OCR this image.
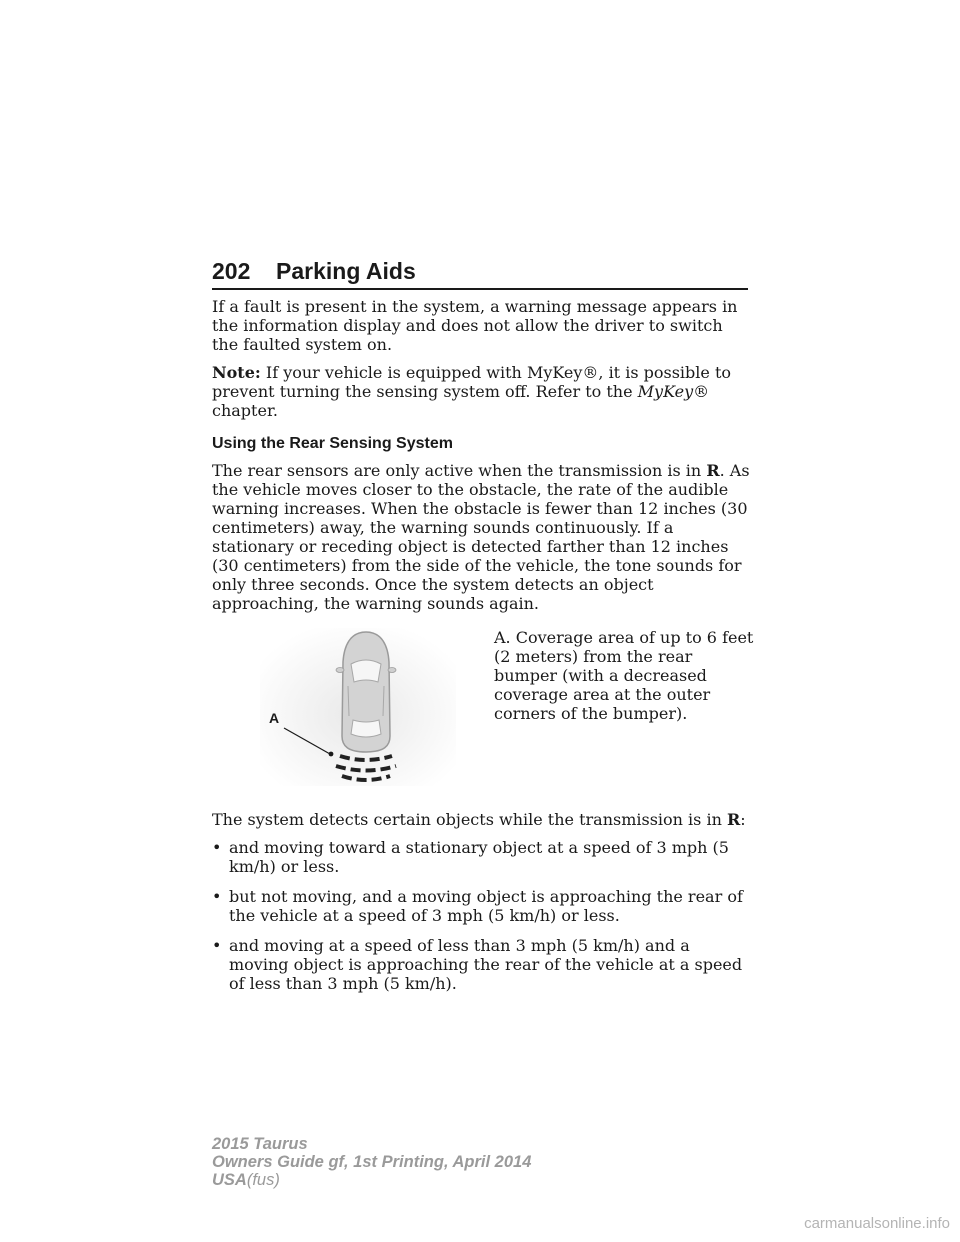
202 Parking Aids

If a fault is present in the system, a warning message appears in the information display and does not allow the driver to switch the faulted system on.

Note: If your vehicle is equipped with MyKey®, it is possible to prevent turning the sensing system off. Refer to the MyKey® chapter.

Using the Rear Sensing System

The rear sensors are only active when the transmission is in R. As the vehicle moves closer to the obstacle, the rate of the audible warning increases. When the obstacle is fewer than 12 inches (30 centimeters) away, the warning sounds continuously. If a stationary or receding object is detected farther than 12 inches (30 centimeters) from the side of the vehicle, the tone sounds for only three seconds. Once the system detects an object approaching, the warning sounds again.

A
A. Coverage area of up to 6 feet (2 meters) from the rear bumper (with a decreased coverage area at the outer corners of the bumper).

The system detects certain objects while the transmission is in R:

• and moving toward a stationary object at a speed of 3 mph (5 km/h) or less.
• but not moving, and a moving object is approaching the rear of the vehicle at a speed of 3 mph (5 km/h) or less.
• and moving at a speed of less than 3 mph (5 km/h) and a moving object is approaching the rear of the vehicle at a speed of less than 3 mph (5 km/h).
2015 Taurus
Owners Guide gf, 1st Printing, April 2014
USA(fus)
carmanualsonline.info
